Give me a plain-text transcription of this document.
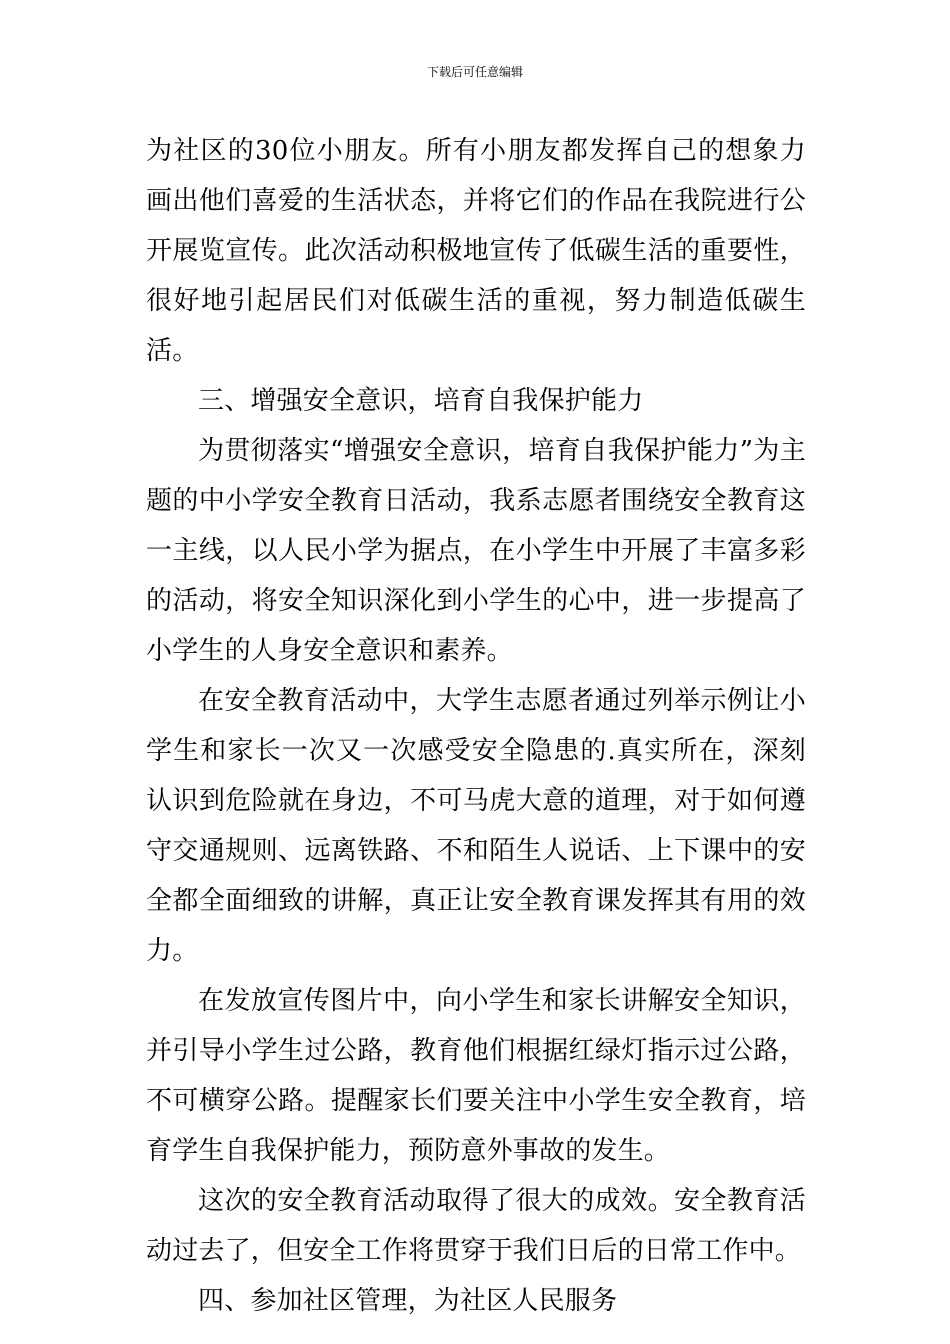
下载后可任意编辑

为社区的30位小朋友。所有小朋友都发挥自己的想象力画出他们喜爱的生活状态，并将它们的作品在我院进行公开展览宣传。此次活动积极地宣传了低碳生活的重要性，很好地引起居民们对低碳生活的重视，努力制造低碳生活。

三、增强安全意识，培育自我保护能力

为贯彻落实“增强安全意识，培育自我保护能力”为主题的中小学安全教育日活动，我系志愿者围绕安全教育这一主线，以人民小学为据点，在小学生中开展了丰富多彩的活动，将安全知识深化到小学生的心中，进一步提高了小学生的人身安全意识和素养。

在安全教育活动中，大学生志愿者通过列举示例让小学生和家长一次又一次感受安全隐患的.真实所在，深刻认识到危险就在身边，不可马虎大意的道理，对于如何遵守交通规则、远离铁路、不和陌生人说话、上下课中的安全都全面细致的讲解，真正让安全教育课发挥其有用的效力。

在发放宣传图片中，向小学生和家长讲解安全知识，并引导小学生过公路，教育他们根据红绿灯指示过公路，不可横穿公路。提醒家长们要关注中小学生安全教育，培育学生自我保护能力，预防意外事故的发生。

这次的安全教育活动取得了很大的成效。安全教育活动过去了，但安全工作将贯穿于我们日后的日常工作中。

四、参加社区管理，为社区人民服务
